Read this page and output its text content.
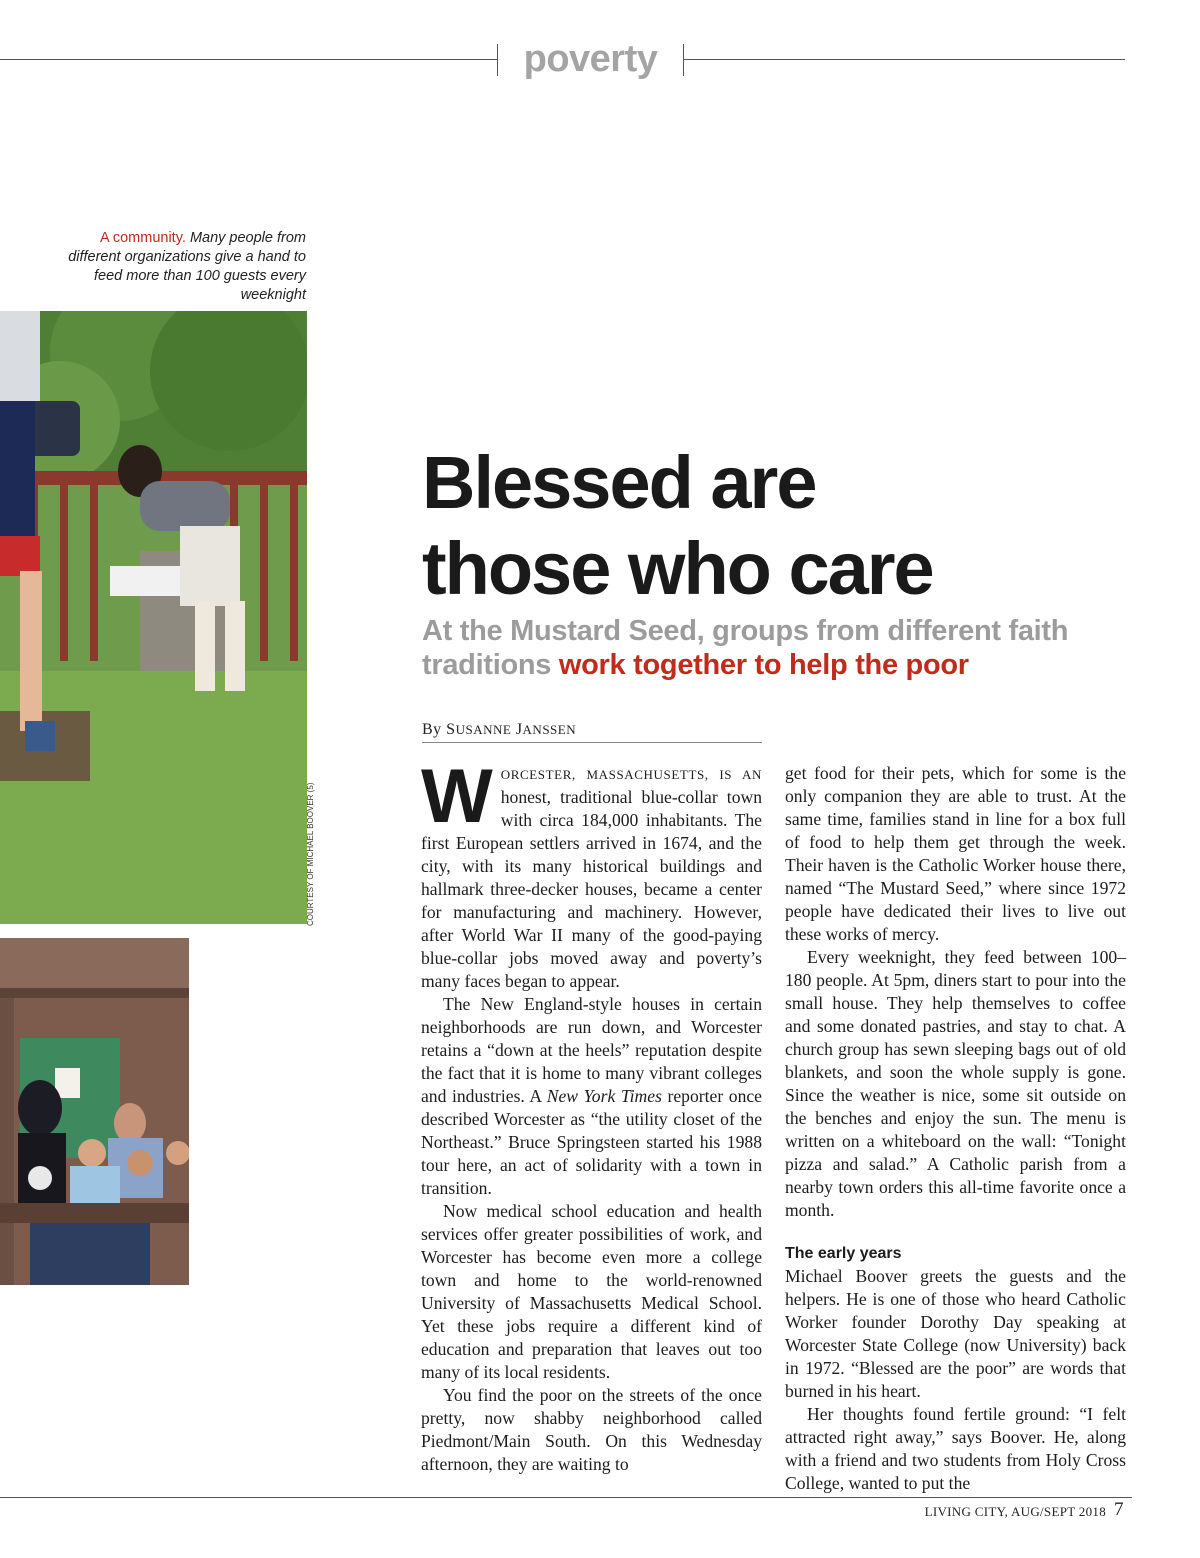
poverty
A community. Many people from different organizations give a hand to feed more than 100 guests every weeknight
COURTESY OF MICHAEL BOOVER (5)
Blessed are
those who care
At the Mustard Seed, groups from different faith traditions work together to help the poor
By SUSANNE JANSSEN

W ORCESTER, MASSACHUSETTS, IS AN honest, traditional blue-collar town with circa 184,000 inhabitants. The first European settlers arrived in 1674, and the city, with its many historical buildings and hallmark three-decker houses, became a center for manufacturing and machinery. However, after World War II many of the good-paying blue-collar jobs moved away and poverty’s many faces began to appear.

The New England-style houses in certain neighborhoods are run down, and Worcester retains a “down at the heels” reputation despite the fact that it is home to many vibrant colleges and industries. A New York Times reporter once described Worcester as “the utility closet of the Northeast.” Bruce Springsteen started his 1988 tour here, an act of solidarity with a town in transition.

Now medical school education and health services offer greater possibilities of work, and Worcester has become even more a college town and home to the world-renowned University of Massachusetts Medical School. Yet these jobs require a different kind of education and preparation that leaves out too many of its local residents.

You find the poor on the streets of the once pretty, now shabby neighborhood called Piedmont/Main South. On this Wednesday afternoon, they are waiting to

get food for their pets, which for some is the only companion they are able to trust. At the same time, families stand in line for a box full of food to help them get through the week. Their haven is the Catholic Worker house there, named “The Mustard Seed,” where since 1972 people have dedicated their lives to live out these works of mercy.

Every weeknight, they feed between 100–180 people. At 5pm, diners start to pour into the small house. They help themselves to coffee and some donated pastries, and stay to chat. A church group has sewn sleeping bags out of old blankets, and soon the whole supply is gone. Since the weather is nice, some sit outside on the benches and enjoy the sun. The menu is written on a whiteboard on the wall: “Tonight pizza and salad.” A Catholic parish from a nearby town orders this all-time favorite once a month.

The early years

Michael Boover greets the guests and the helpers. He is one of those who heard Catholic Worker founder Dorothy Day speaking at Worcester State College (now University) back in 1972. “Blessed are the poor” are words that burned in his heart.

Her thoughts found fertile ground: “I felt attracted right away,” says Boover. He, along with a friend and two students from Holy Cross College, wanted to put the

LIVING CITY, AUG/SEPT 2018 7
